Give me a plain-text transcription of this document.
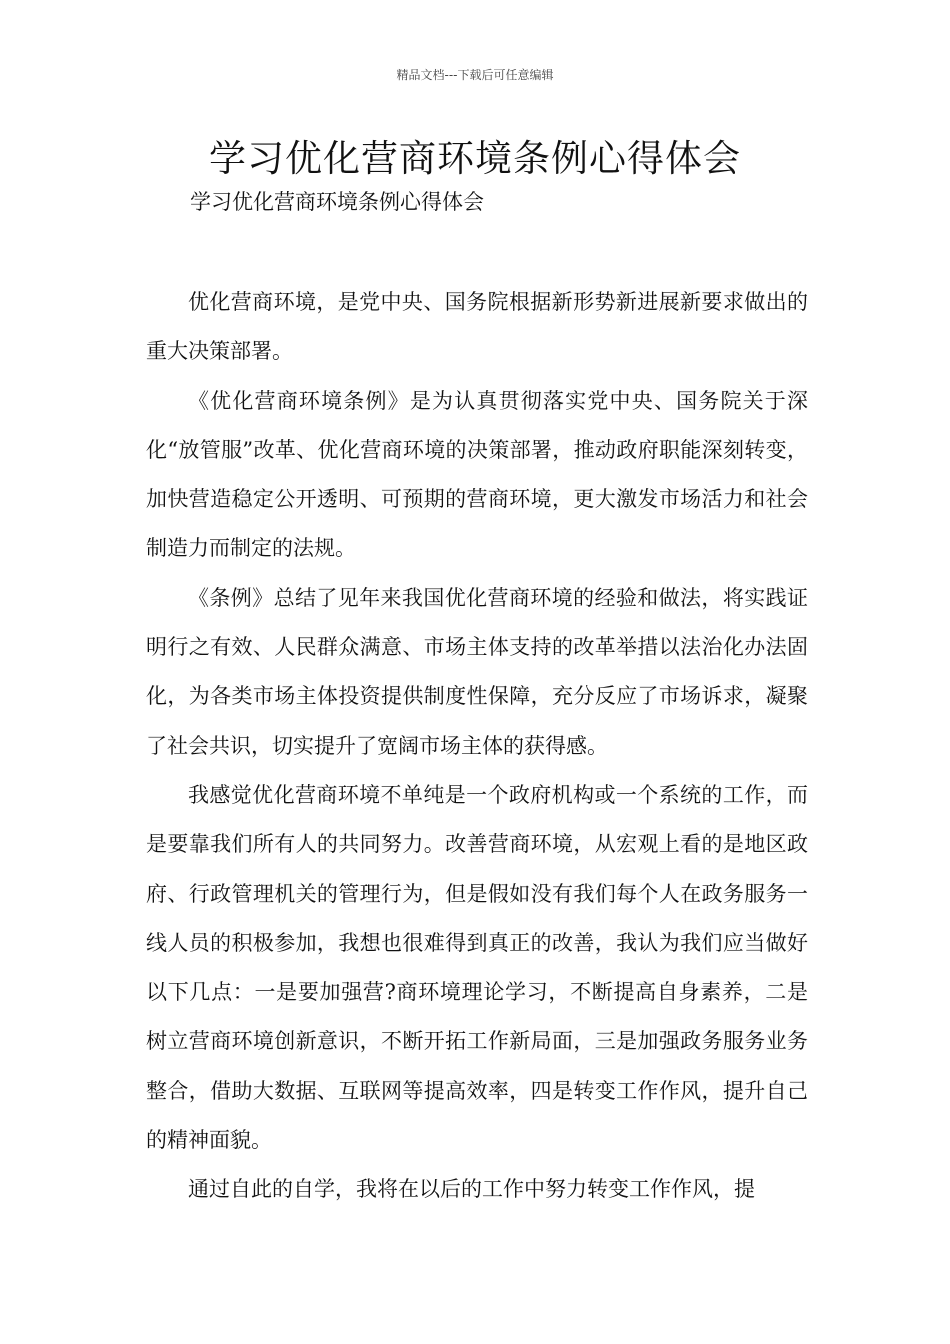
精品文档---下载后可任意编辑
学习优化营商环境条例心得体会
学习优化营商环境条例心得体会

优化营商环境，是党中央、国务院根据新形势新进展新要求做出的重大决策部署。

《优化营商环境条例》是为认真贯彻落实党中央、国务院关于深化“放管服”改革、优化营商环境的决策部署，推动政府职能深刻转变，加快营造稳定公开透明、可预期的营商环境，更大激发市场活力和社会制造力而制定的法规。

《条例》总结了见年来我国优化营商环境的经验和做法，将实践证明行之有效、人民群众满意、市场主体支持的改革举措以法治化办法固化，为各类市场主体投资提供制度性保障，充分反应了市场诉求，凝聚了社会共识，切实提升了宽阔市场主体的获得感。

我感觉优化营商环境不单纯是一个政府机构或一个系统的工作，而是要靠我们所有人的共同努力。改善营商环境，从宏观上看的是地区政府、行政管理机关的管理行为，但是假如没有我们每个人在政务服务一线人员的积极参加，我想也很难得到真正的改善，我认为我们应当做好以下几点：一是要加强营?商环境理论学习，不断提高自身素养，二是树立营商环境创新意识，不断开拓工作新局面，三是加强政务服务业务整合，借助大数据、互联网等提高效率，四是转变工作作风，提升自己的精神面貌。

通过自此的自学，我将在以后的工作中努力转变工作作风，提
